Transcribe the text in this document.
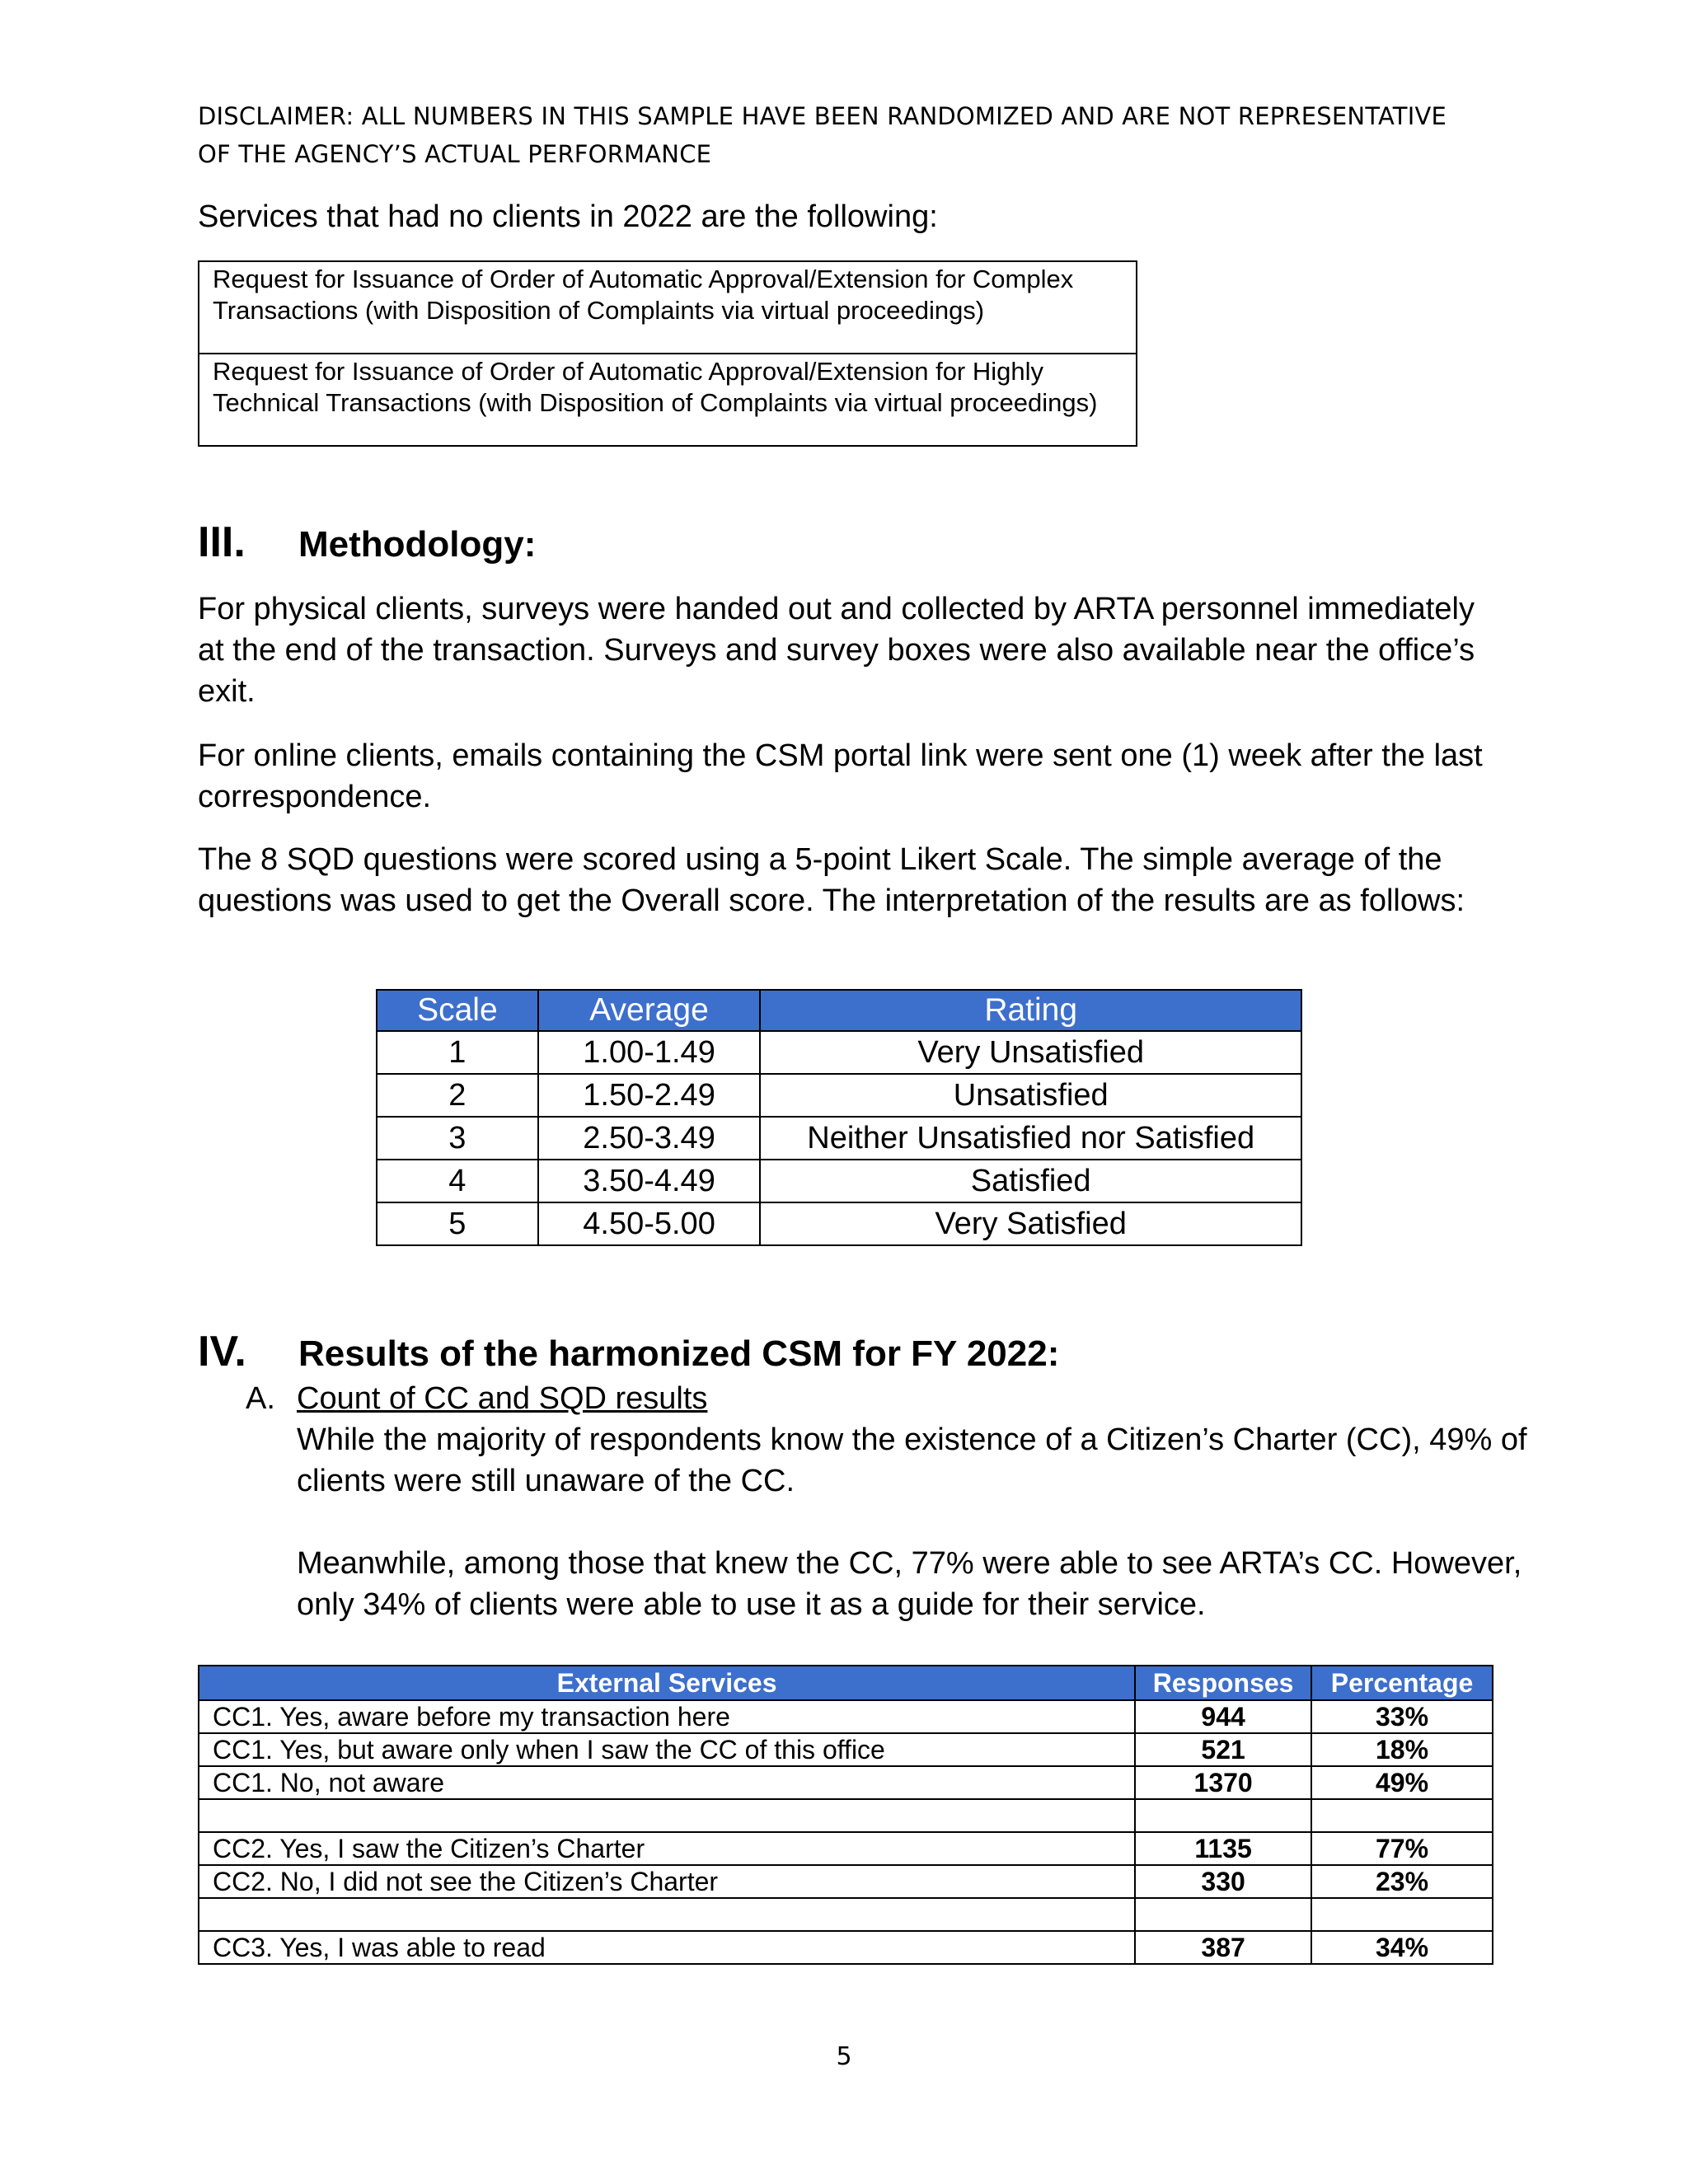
DISCLAIMER: ALL NUMBERS IN THIS SAMPLE HAVE BEEN RANDOMIZED AND ARE NOT REPRESENTATIVE
OF THE AGENCY’S ACTUAL PERFORMANCE
Services that had no clients in 2022 are the following:
Request for Issuance of Order of Automatic Approval/Extension for Complex Transactions (with Disposition of Complaints via virtual proceedings)
Request for Issuance of Order of Automatic Approval/Extension for Highly Technical Transactions (with Disposition of Complaints via virtual proceedings)
III. Methodology:
For physical clients, surveys were handed out and collected by ARTA personnel immediately at the end of the transaction. Surveys and survey boxes were also available near the office’s exit.
For online clients, emails containing the CSM portal link were sent one (1) week after the last correspondence.
The 8 SQD questions were scored using a 5-point Likert Scale. The simple average of the questions was used to get the Overall score. The interpretation of the results are as follows:
Scale	Average	Rating
1	1.00-1.49	Very Unsatisfied
2	1.50-2.49	Unsatisfied
3	2.50-3.49	Neither Unsatisfied nor Satisfied
4	3.50-4.49	Satisfied
5	4.50-5.00	Very Satisfied
IV. Results of the harmonized CSM for FY 2022:
A. Count of CC and SQD results
While the majority of respondents know the existence of a Citizen’s Charter (CC), 49% of clients were still unaware of the CC.
Meanwhile, among those that knew the CC, 77% were able to see ARTA’s CC. However, only 34% of clients were able to use it as a guide for their service.
External Services	Responses	Percentage
CC1. Yes, aware before my transaction here	944	33%
CC1. Yes, but aware only when I saw the CC of this office	521	18%
CC1. No, not aware	1370	49%

CC2. Yes, I saw the Citizen’s Charter	1135	77%
CC2. No, I did not see the Citizen’s Charter	330	23%

CC3. Yes, I was able to read	387	34%
5
